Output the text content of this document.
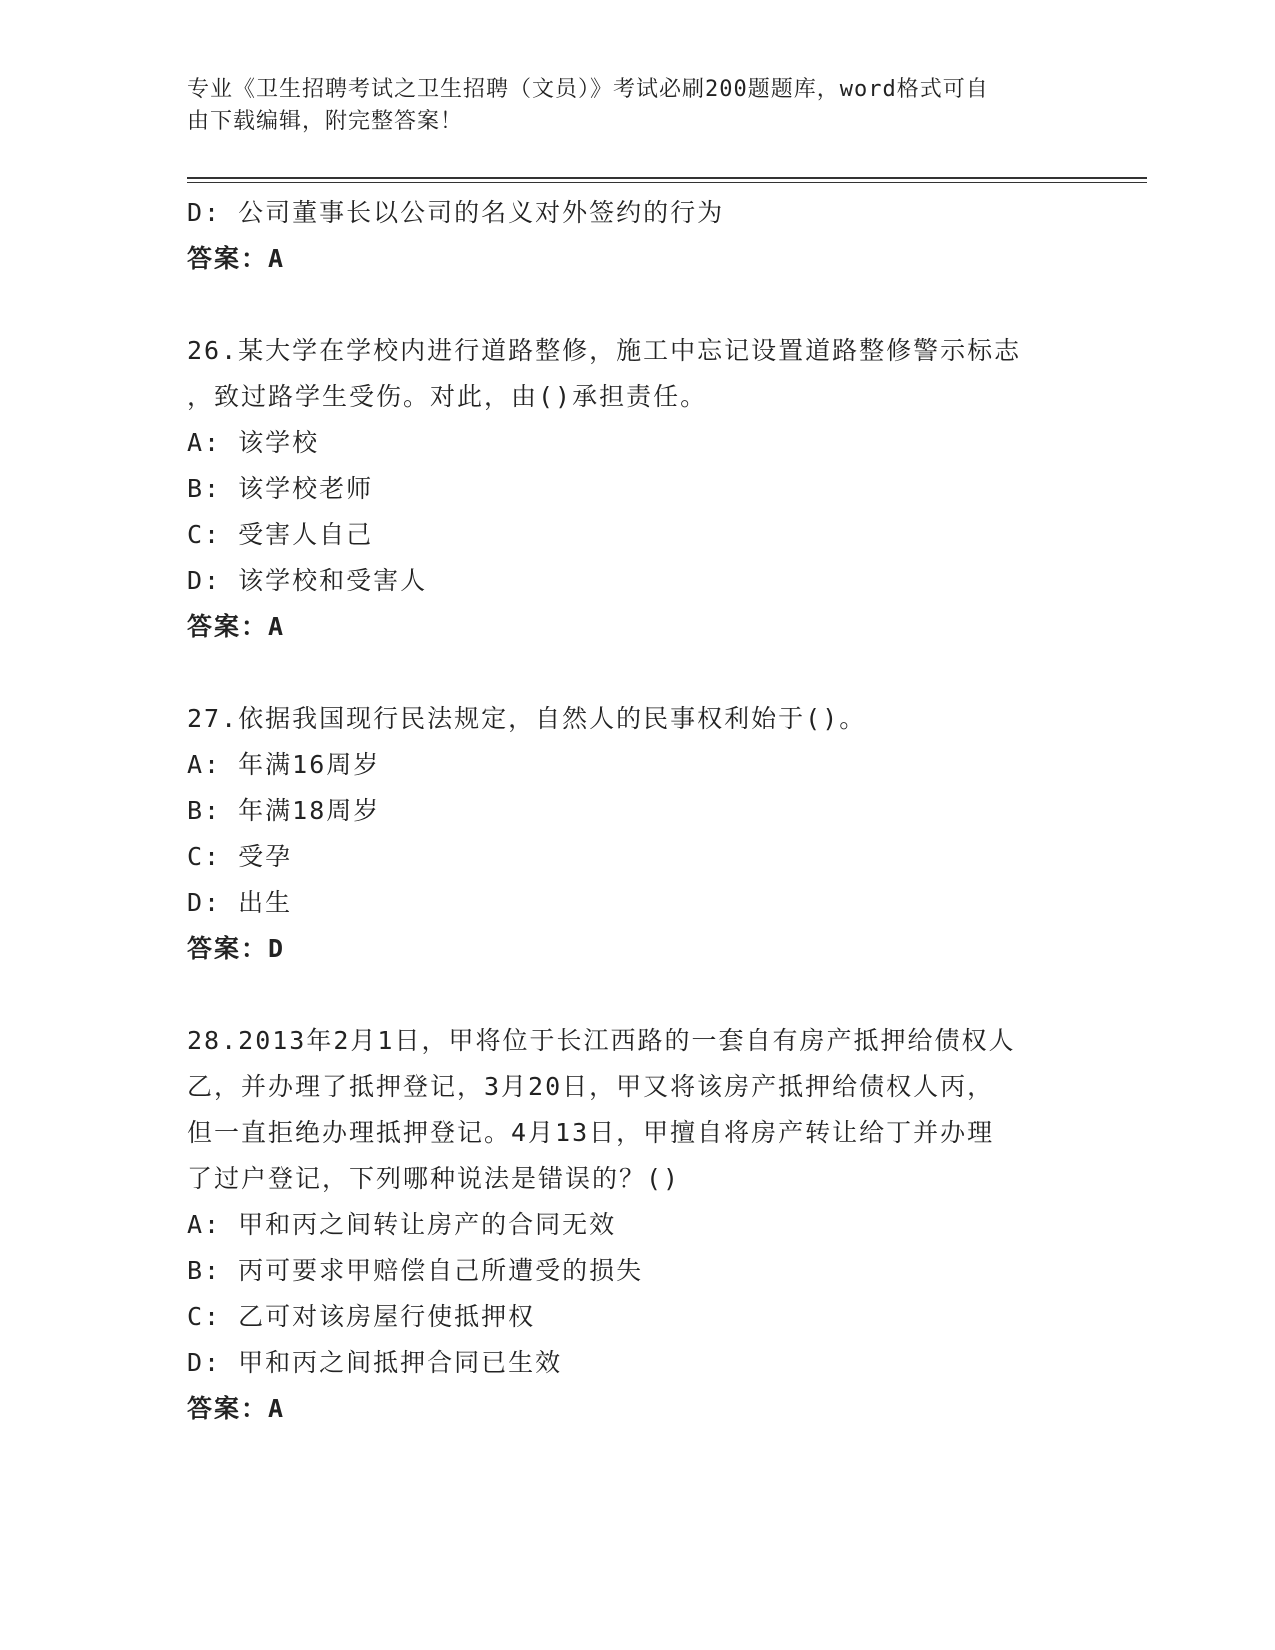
专业《卫生招聘考试之卫生招聘（文员）》考试必刷200题题库，word格式可自
由下载编辑，附完整答案！
D: 公司董事长以公司的名义对外签约的行为
答案：A
26.某大学在学校内进行道路整修，施工中忘记设置道路整修警示标志
，致过路学生受伤。对此，由()承担责任。
A: 该学校
B: 该学校老师
C: 受害人自己
D: 该学校和受害人
答案：A
27.依据我国现行民法规定，自然人的民事权利始于()。
A: 年满16周岁
B: 年满18周岁
C: 受孕
D: 出生
答案：D
28.2013年2月1日，甲将位于长江西路的一套自有房产抵押给债权人
乙，并办理了抵押登记，3月20日，甲又将该房产抵押给债权人丙，
但一直拒绝办理抵押登记。4月13日，甲擅自将房产转让给丁并办理
了过户登记，下列哪种说法是错误的？()
A: 甲和丙之间转让房产的合同无效
B: 丙可要求甲赔偿自己所遭受的损失
C: 乙可对该房屋行使抵押权
D: 甲和丙之间抵押合同已生效
答案：A
